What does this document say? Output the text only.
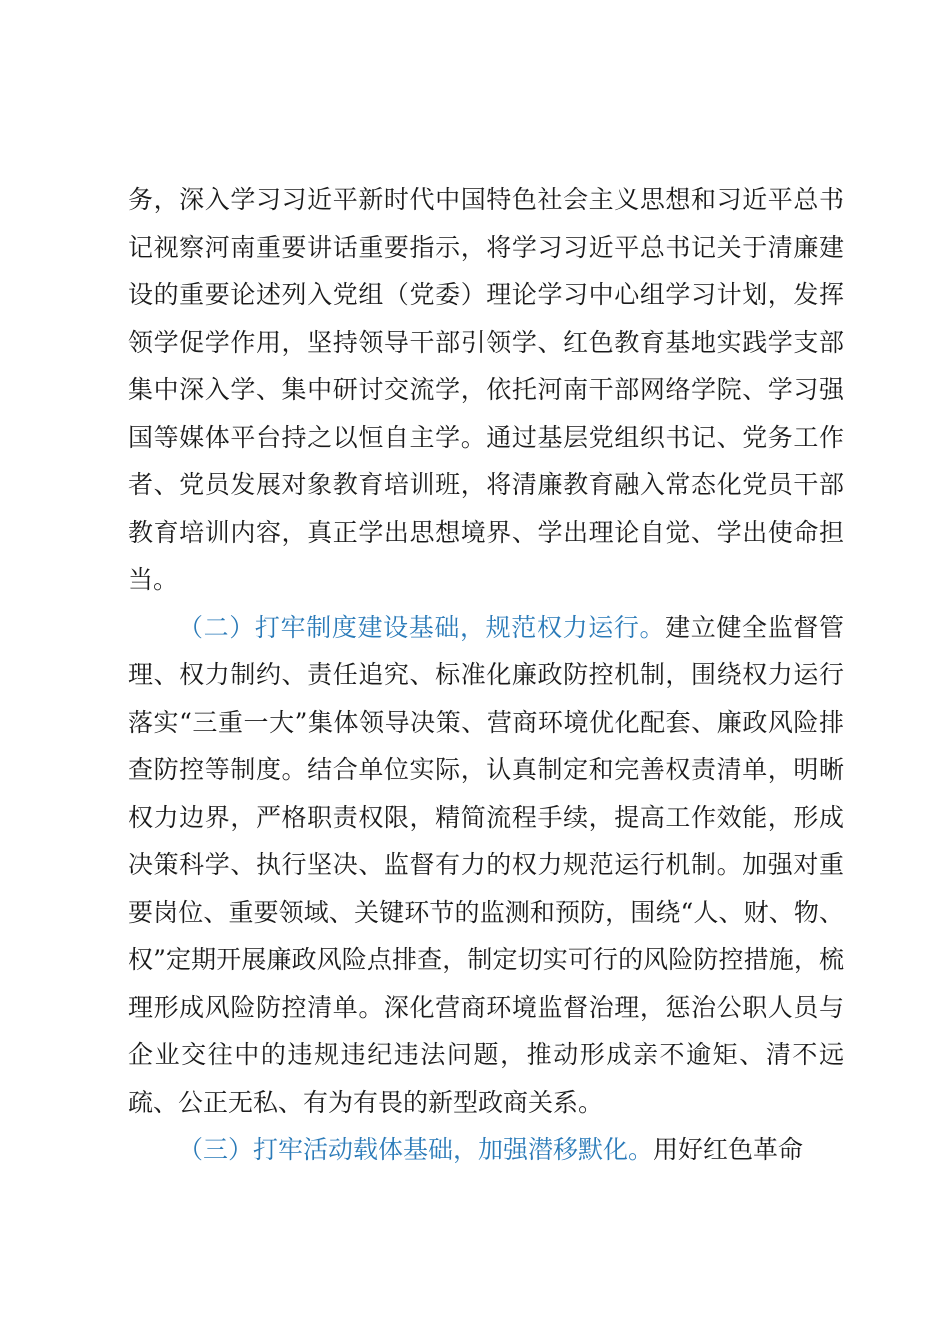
务，深入学习习近平新时代中国特色社会主义思想和习近平总书记视察河南重要讲话重要指示，将学习习近平总书记关于清廉建设的重要论述列入党组（党委）理论学习中心组学习计划，发挥领学促学作用，坚持领导干部引领学、红色教育基地实践学支部集中深入学、集中研讨交流学，依托河南干部网络学院、学习强国等媒体平台持之以恒自主学。通过基层党组织书记、党务工作者、党员发展对象教育培训班，将清廉教育融入常态化党员干部教育培训内容，真正学出思想境界、学出理论自觉、学出使命担当。

（二）打牢制度建设基础，规范权力运行。建立健全监督管理、权力制约、责任追究、标准化廉政防控机制，围绕权力运行落实“三重一大”集体领导决策、营商环境优化配套、廉政风险排查防控等制度。结合单位实际，认真制定和完善权责清单，明晰权力边界，严格职责权限，精简流程手续，提高工作效能，形成决策科学、执行坚决、监督有力的权力规范运行机制。加强对重要岗位、重要领域、关键环节的监测和预防，围绕“人、财、物、权”定期开展廉政风险点排查，制定切实可行的风险防控措施，梳理形成风险防控清单。深化营商环境监督治理，惩治公职人员与企业交往中的违规违纪违法问题，推动形成亲不逾矩、清不远疏、公正无私、有为有畏的新型政商关系。

（三）打牢活动载体基础，加强潜移默化。用好红色革命
